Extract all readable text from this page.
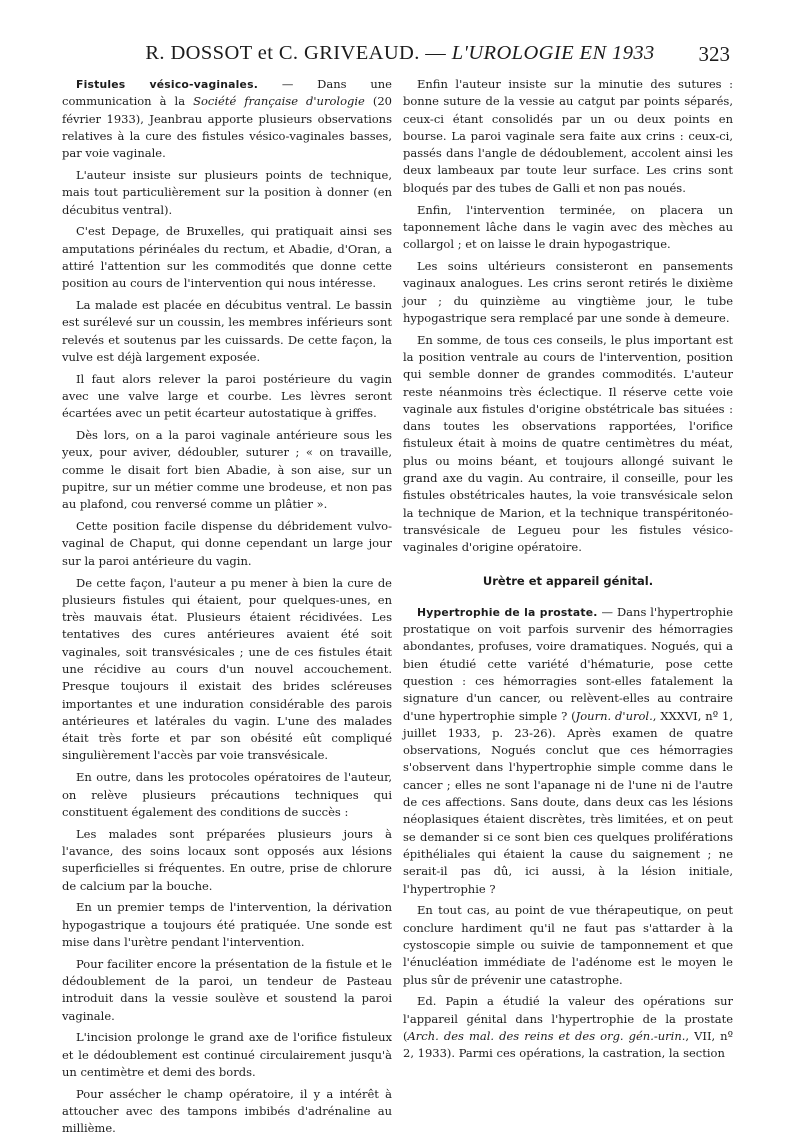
R. DOSSOT et C. GRIVEAUD. — L'UROLOGIE EN 1933	323

Fistules vésico-vaginales. — Dans une communication à la Société française d'urologie (20 février 1933), Jeanbrau apporte plusieurs observations relatives à la cure des fistules vésico-vaginales basses, par voie vaginale.

L'auteur insiste sur plusieurs points de technique, mais tout particulièrement sur la position à donner (en décubitus ventral).

C'est Depage, de Bruxelles, qui pratiquait ainsi ses amputations périnéales du rectum, et Abadie, d'Oran, a attiré l'attention sur les commodités que donne cette position au cours de l'intervention qui nous intéresse.

La malade est placée en décubitus ventral. Le bassin est surélevé sur un coussin, les membres inférieurs sont relevés et soutenus par les cuissards. De cette façon, la vulve est déjà largement exposée.

Il faut alors relever la paroi postérieure du vagin avec une valve large et courbe. Les lèvres seront écartées avec un petit écarteur autostatique à griffes.

Dès lors, on a la paroi vaginale antérieure sous les yeux, pour aviver, dédoubler, suturer ; « on travaille, comme le disait fort bien Abadie, à son aise, sur un pupitre, sur un métier comme une brodeuse, et non pas au plafond, cou renversé comme un plâtier ».

Cette position facile dispense du débridement vulvo-vaginal de Chaput, qui donne cependant un large jour sur la paroi antérieure du vagin.

De cette façon, l'auteur a pu mener à bien la cure de plusieurs fistules qui étaient, pour quelques-unes, en très mauvais état. Plusieurs étaient récidivées. Les tentatives des cures antérieures avaient été soit vaginales, soit transvésicales ; une de ces fistules était une récidive au cours d'un nouvel accouchement. Presque toujours il existait des brides scléreuses importantes et une induration considérable des parois antérieures et latérales du vagin. L'une des malades était très forte et par son obésité eût compliqué singulièrement l'accès par voie transvésicale.

En outre, dans les protocoles opératoires de l'auteur, on relève plusieurs précautions techniques qui constituent également des conditions de succès :

Les malades sont préparées plusieurs jours à l'avance, des soins locaux sont opposés aux lésions superficielles si fréquentes. En outre, prise de chlorure de calcium par la bouche.

En un premier temps de l'intervention, la dérivation hypogastrique a toujours été pratiquée. Une sonde est mise dans l'urètre pendant l'intervention.

Pour faciliter encore la présentation de la fistule et le dédoublement de la paroi, un tendeur de Pasteau introduit dans la vessie soulève et soustend la paroi vaginale.

L'incision prolonge le grand axe de l'orifice fistuleux et le dédoublement est continué circulairement jusqu'à un centimètre et demi des bords.

Pour assécher le champ opératoire, il y a intérêt à attoucher avec des tampons imbibés d'adrénaline au millième.

Enfin l'auteur insiste sur la minutie des sutures : bonne suture de la vessie au catgut par points séparés, ceux-ci étant consolidés par un ou deux points en bourse. La paroi vaginale sera faite aux crins : ceux-ci, passés dans l'angle de dédoublement, accolent ainsi les deux lambeaux par toute leur surface. Les crins sont bloqués par des tubes de Galli et non pas noués.

Enfin, l'intervention terminée, on placera un taponnement lâche dans le vagin avec des mèches au collargol ; et on laisse le drain hypogastrique.

Les soins ultérieurs consisteront en pansements vaginaux analogues. Les crins seront retirés le dixième jour ; du quinzième au vingtième jour, le tube hypogastrique sera remplacé par une sonde à demeure.

En somme, de tous ces conseils, le plus important est la position ventrale au cours de l'intervention, position qui semble donner de grandes commodités. L'auteur reste néanmoins très éclectique. Il réserve cette voie vaginale aux fistules d'origine obstétricale bas situées : dans toutes les observations rapportées, l'orifice fistuleux était à moins de quatre centimètres du méat, plus ou moins béant, et toujours allongé suivant le grand axe du vagin. Au contraire, il conseille, pour les fistules obstétricales hautes, la voie transvésicale selon la technique de Marion, et la technique transpéritonéo-transvésicale de Legueu pour les fistules vésico-vaginales d'origine opératoire.

Urètre et appareil génital.

Hypertrophie de la prostate. — Dans l'hypertrophie prostatique on voit parfois survenir des hémorragies abondantes, profuses, voire dramatiques. Nogués, qui a bien étudié cette variété d'hématurie, pose cette question : ces hémorragies sont-elles fatalement la signature d'un cancer, ou relèvent-elles au contraire d'une hypertrophie simple ? (Journ. d'urol., XXXVI, nº 1, juillet 1933, p. 23-26). Après examen de quatre observations, Nogués conclut que ces hémorragies s'observent dans l'hypertrophie simple comme dans le cancer ; elles ne sont l'apanage ni de l'une ni de l'autre de ces affections. Sans doute, dans deux cas les lésions néoplasiques étaient discrètes, très limitées, et on peut se demander si ce sont bien ces quelques proliférations épithéliales qui étaient la cause du saignement ; ne serait-il pas dû, ici aussi, à la lésion initiale, l'hypertrophie ?

En tout cas, au point de vue thérapeutique, on peut conclure hardiment qu'il ne faut pas s'attarder à la cystoscopie simple ou suivie de tamponnement et que l'énucléation immédiate de l'adénome est le moyen le plus sûr de prévenir une catastrophe.

Ed. Papin a étudié la valeur des opérations sur l'appareil génital dans l'hypertrophie de la prostate (Arch. des mal. des reins et des org. gén.-urin., VII, nº 2, 1933). Parmi ces opérations, la castration, la section
